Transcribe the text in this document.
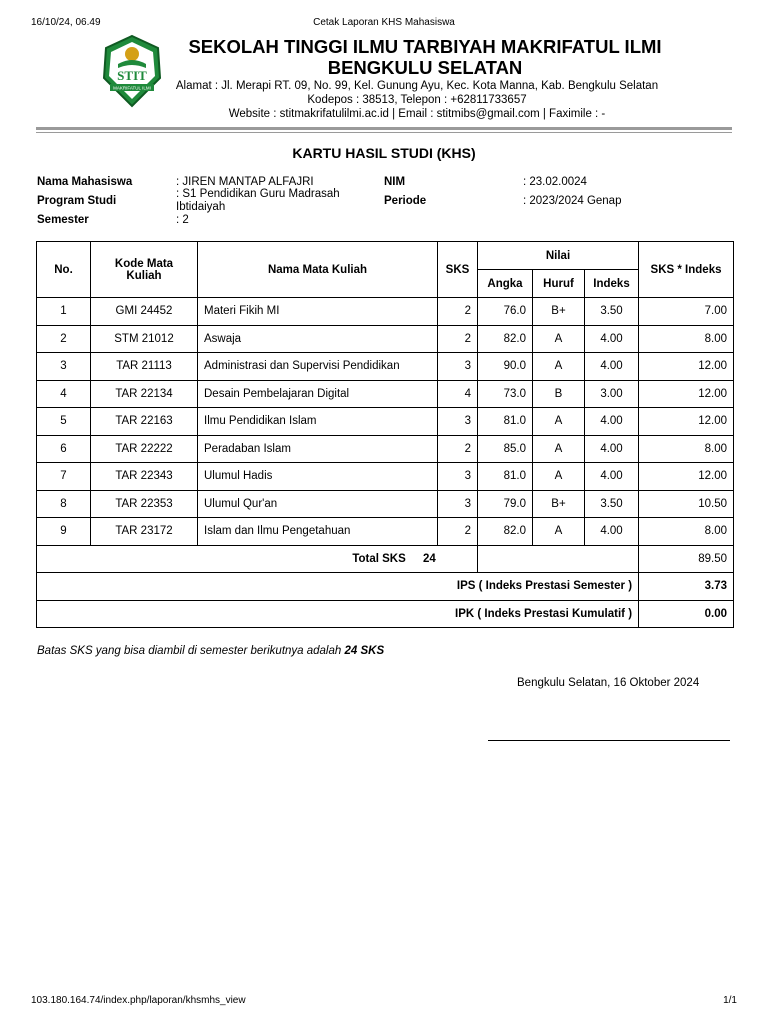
16/10/24, 06.49	Cetak Laporan KHS Mahasiswa
STIT
MAKRIFATUL ILMI
SEKOLAH TINGGI ILMU TARBIYAH MAKRIFATUL ILMI
BENGKULU SELATAN
Alamat : Jl. Merapi RT. 09, No. 99, Kel. Gunung Ayu, Kec. Kota Manna, Kab. Bengkulu Selatan
Kodepos : 38513, Telepon : +62811733657
Website : stitmakrifatulilmi.ac.id | Email : stitmibs@gmail.com | Faximile : -
KARTU HASIL STUDI (KHS)
Nama Mahasiswa	: JIREN MANTAP ALFAJRI
Program Studi
: S1 Pendidikan Guru Madrasah
Ibtidaiyah
Semester	: 2
NIM	: 23.02.0024
Periode	: 2023/2024 Genap
No.	Kode Mata Kuliah	Nama Mata Kuliah	SKS	Nilai			SKS * Indeks
				Angka	Huruf	Indeks	
1	GMI 24452	Materi Fikih MI	2	76.0	B+	3.50	7.00
2	STM 21012	Aswaja	2	82.0	A	4.00	8.00
3	TAR 21113	Administrasi dan Supervisi Pendidikan	3	90.0	A	4.00	12.00
4	TAR 22134	Desain Pembelajaran Digital	4	73.0	B	3.00	12.00
5	TAR 22163	Ilmu Pendidikan Islam	3	81.0	A	4.00	12.00
6	TAR 22222	Peradaban Islam	2	85.0	A	4.00	8.00
7	TAR 22343	Ulumul Hadis	3	81.0	A	4.00	12.00
8	TAR 22353	Ulumul Qur'an	3	79.0	B+	3.50	10.50
9	TAR 23172	Islam dan Ilmu Pengetahuan	2	82.0	A	4.00	8.00
Total SKS 24							89.50
IPS ( Indeks Prestasi Semester )							3.73
IPK ( Indeks Prestasi Kumulatif )							0.00
Batas SKS yang bisa diambil di semester berikutnya adalah 24 SKS
Bengkulu Selatan, 16 Oktober 2024
103.180.164.74/index.php/laporan/khsmhs_view	1/1
